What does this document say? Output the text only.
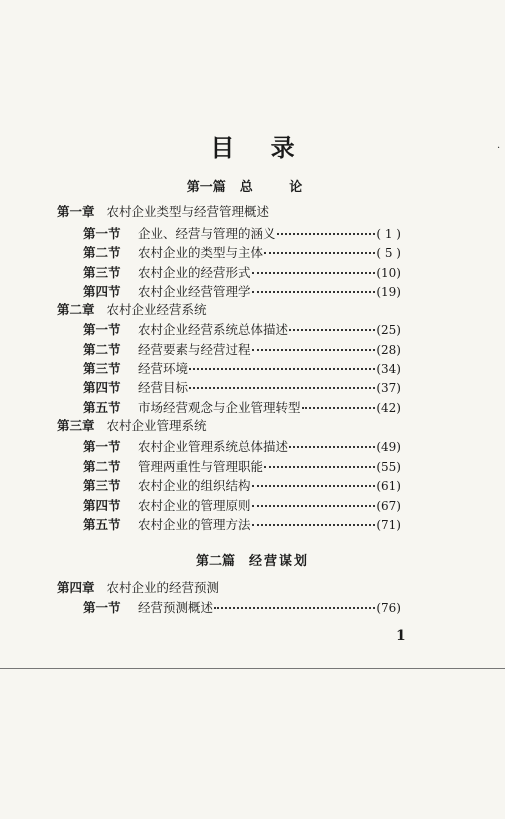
·
目 录
第一篇 总 论
第一章 农村企业类型与经营管理概述
第一节	企业、经营与管理的涵义	( 1 )
第二节	农村企业的类型与主体	( 5 )
第三节	农村企业的经营形式	(10)
第四节	农村企业经营管理学	(19)
第二章 农村企业经营系统
第一节	农村企业经营系统总体描述	(25)
第二节	经营要素与经营过程	(28)
第三节	经营环境	(34)
第四节	经营目标	(37)
第五节	市场经营观念与企业管理转型	(42)
第三章 农村企业管理系统
第一节	农村企业管理系统总体描述	(49)
第二节	管理两重性与管理职能	(55)
第三节	农村企业的组织结构	(61)
第四节	农村企业的管理原则	(67)
第五节	农村企业的管理方法	(71)
第二篇 经营谋划
第四章 农村企业的经营预测
第一节	经营预测概述	(76)
1
